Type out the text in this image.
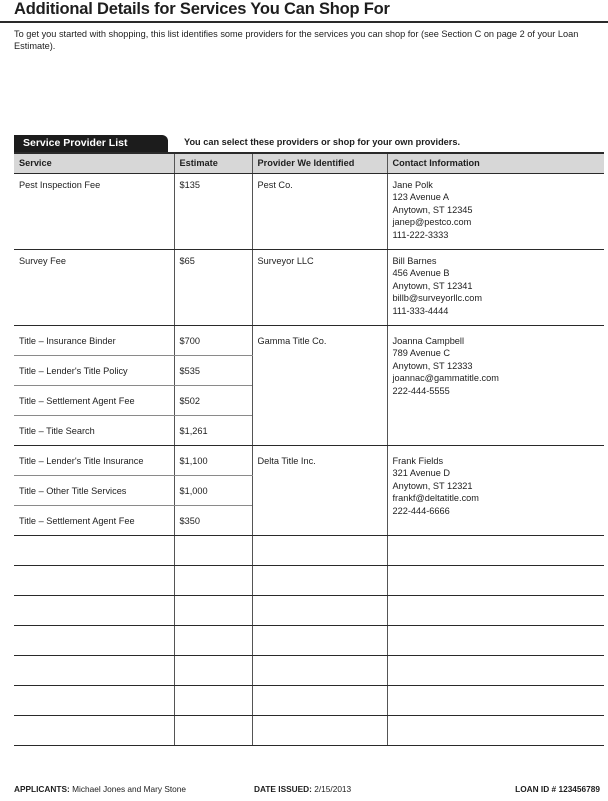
Additional Details for Services You Can Shop For
To get you started with shopping, this list identifies some providers for the services you can shop for (see Section C on page 2 of your Loan Estimate).
Service Provider List	You can select these providers or shop for your own providers.
Service	Estimate	Provider We Identified	Contact Information
Pest Inspection Fee	$135	Pest Co.	Jane Polk
123 Avenue A
Anytown, ST 12345
janep@pestco.com
111-222-3333

Survey Fee	$65	Surveyor LLC	Bill Barnes
456 Avenue B
Anytown, ST 12341
billb@surveyorllc.com
111-333-4444

Title – Insurance Binder	$700	Gamma Title Co.	Joanna Campbell
789 Avenue C
Anytown, ST 12333
joannac@gammatitle.com
222-444-5555

Title – Lender's Title Policy	$535		
Title – Settlement Agent Fee	$502		
Title – Title Search	$1,261		
Title – Lender's Title Insurance	$1,100	Delta Title Inc.	Frank Fields
321 Avenue D
Anytown, ST 12321
frankf@deltatitle.com
222-444-6666

Title – Other Title Services	$1,000		
Title – Settlement Agent Fee	$350		

APPLICANTS: Michael Jones and Mary Stone	DATE ISSUED: 2/15/2013	LOAN ID # 123456789
